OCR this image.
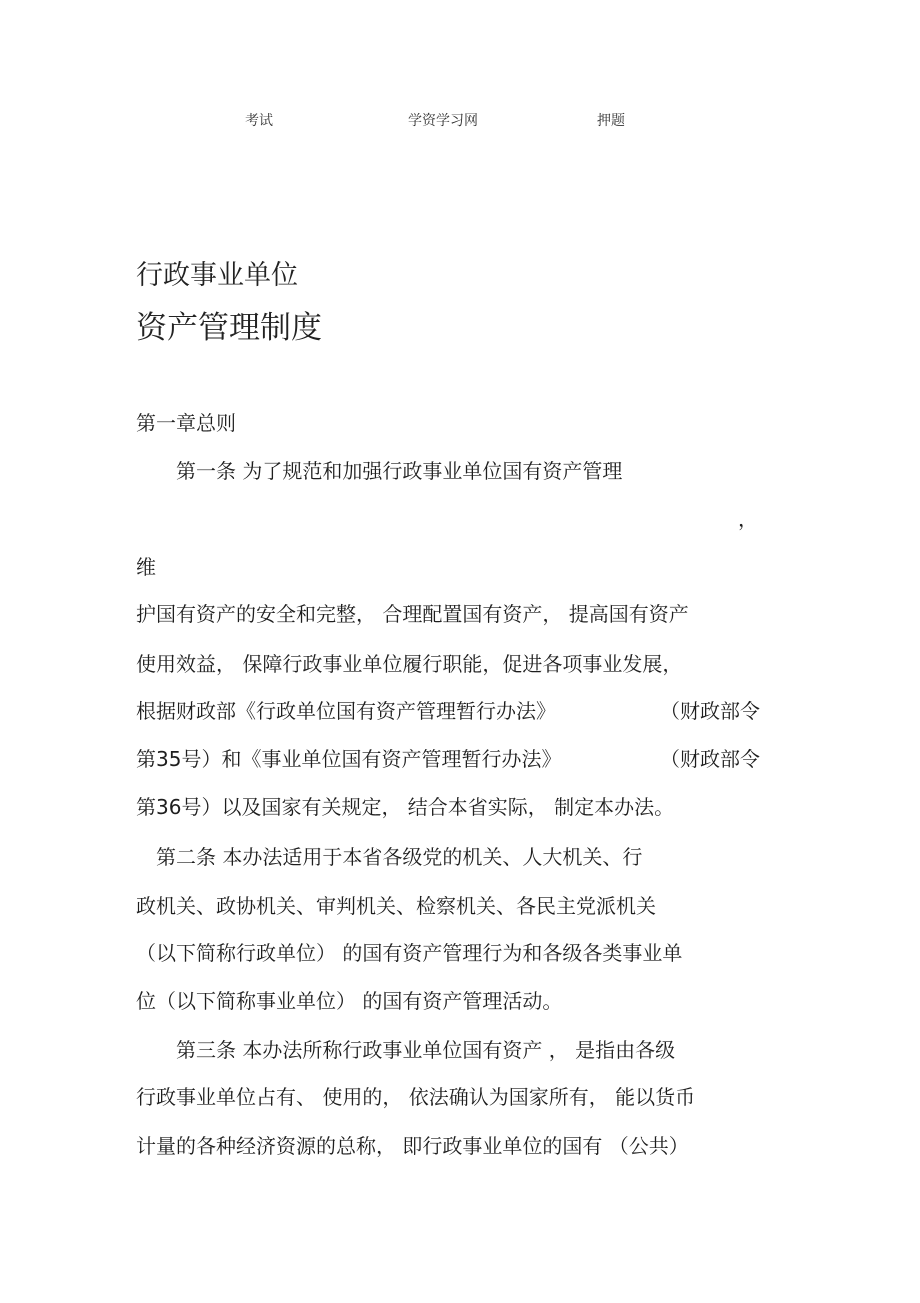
考试	学资学习网	押题
行政事业单位
资产管理制度
第一章总则
第一条 为了规范和加强行政事业单位国有资产管理
，
维
护国有资产的安全和完整， 合理配置国有资产， 提高国有资产
使用效益， 保障行政事业单位履行职能，促进各项事业发展，
根据财政部《行政单位国有资产管理暂行办法》	（财政部令
第35号）和《事业单位国有资产管理暂行办法》	（财政部令
第36号）以及国家有关规定， 结合本省实际， 制定本办法。
第二条 本办法适用于本省各级党的机关、人大机关、行
政机关、政协机关、审判机关、检察机关、各民主党派机关
（以下简称行政单位） 的国有资产管理行为和各级各类事业单
位（以下简称事业单位） 的国有资产管理活动。
第三条 本办法所称行政事业单位国有资产 ， 是指由各级
行政事业单位占有、 使用的， 依法确认为国家所有， 能以货币
计量的各种经济资源的总称， 即行政事业单位的国有 （公共）
